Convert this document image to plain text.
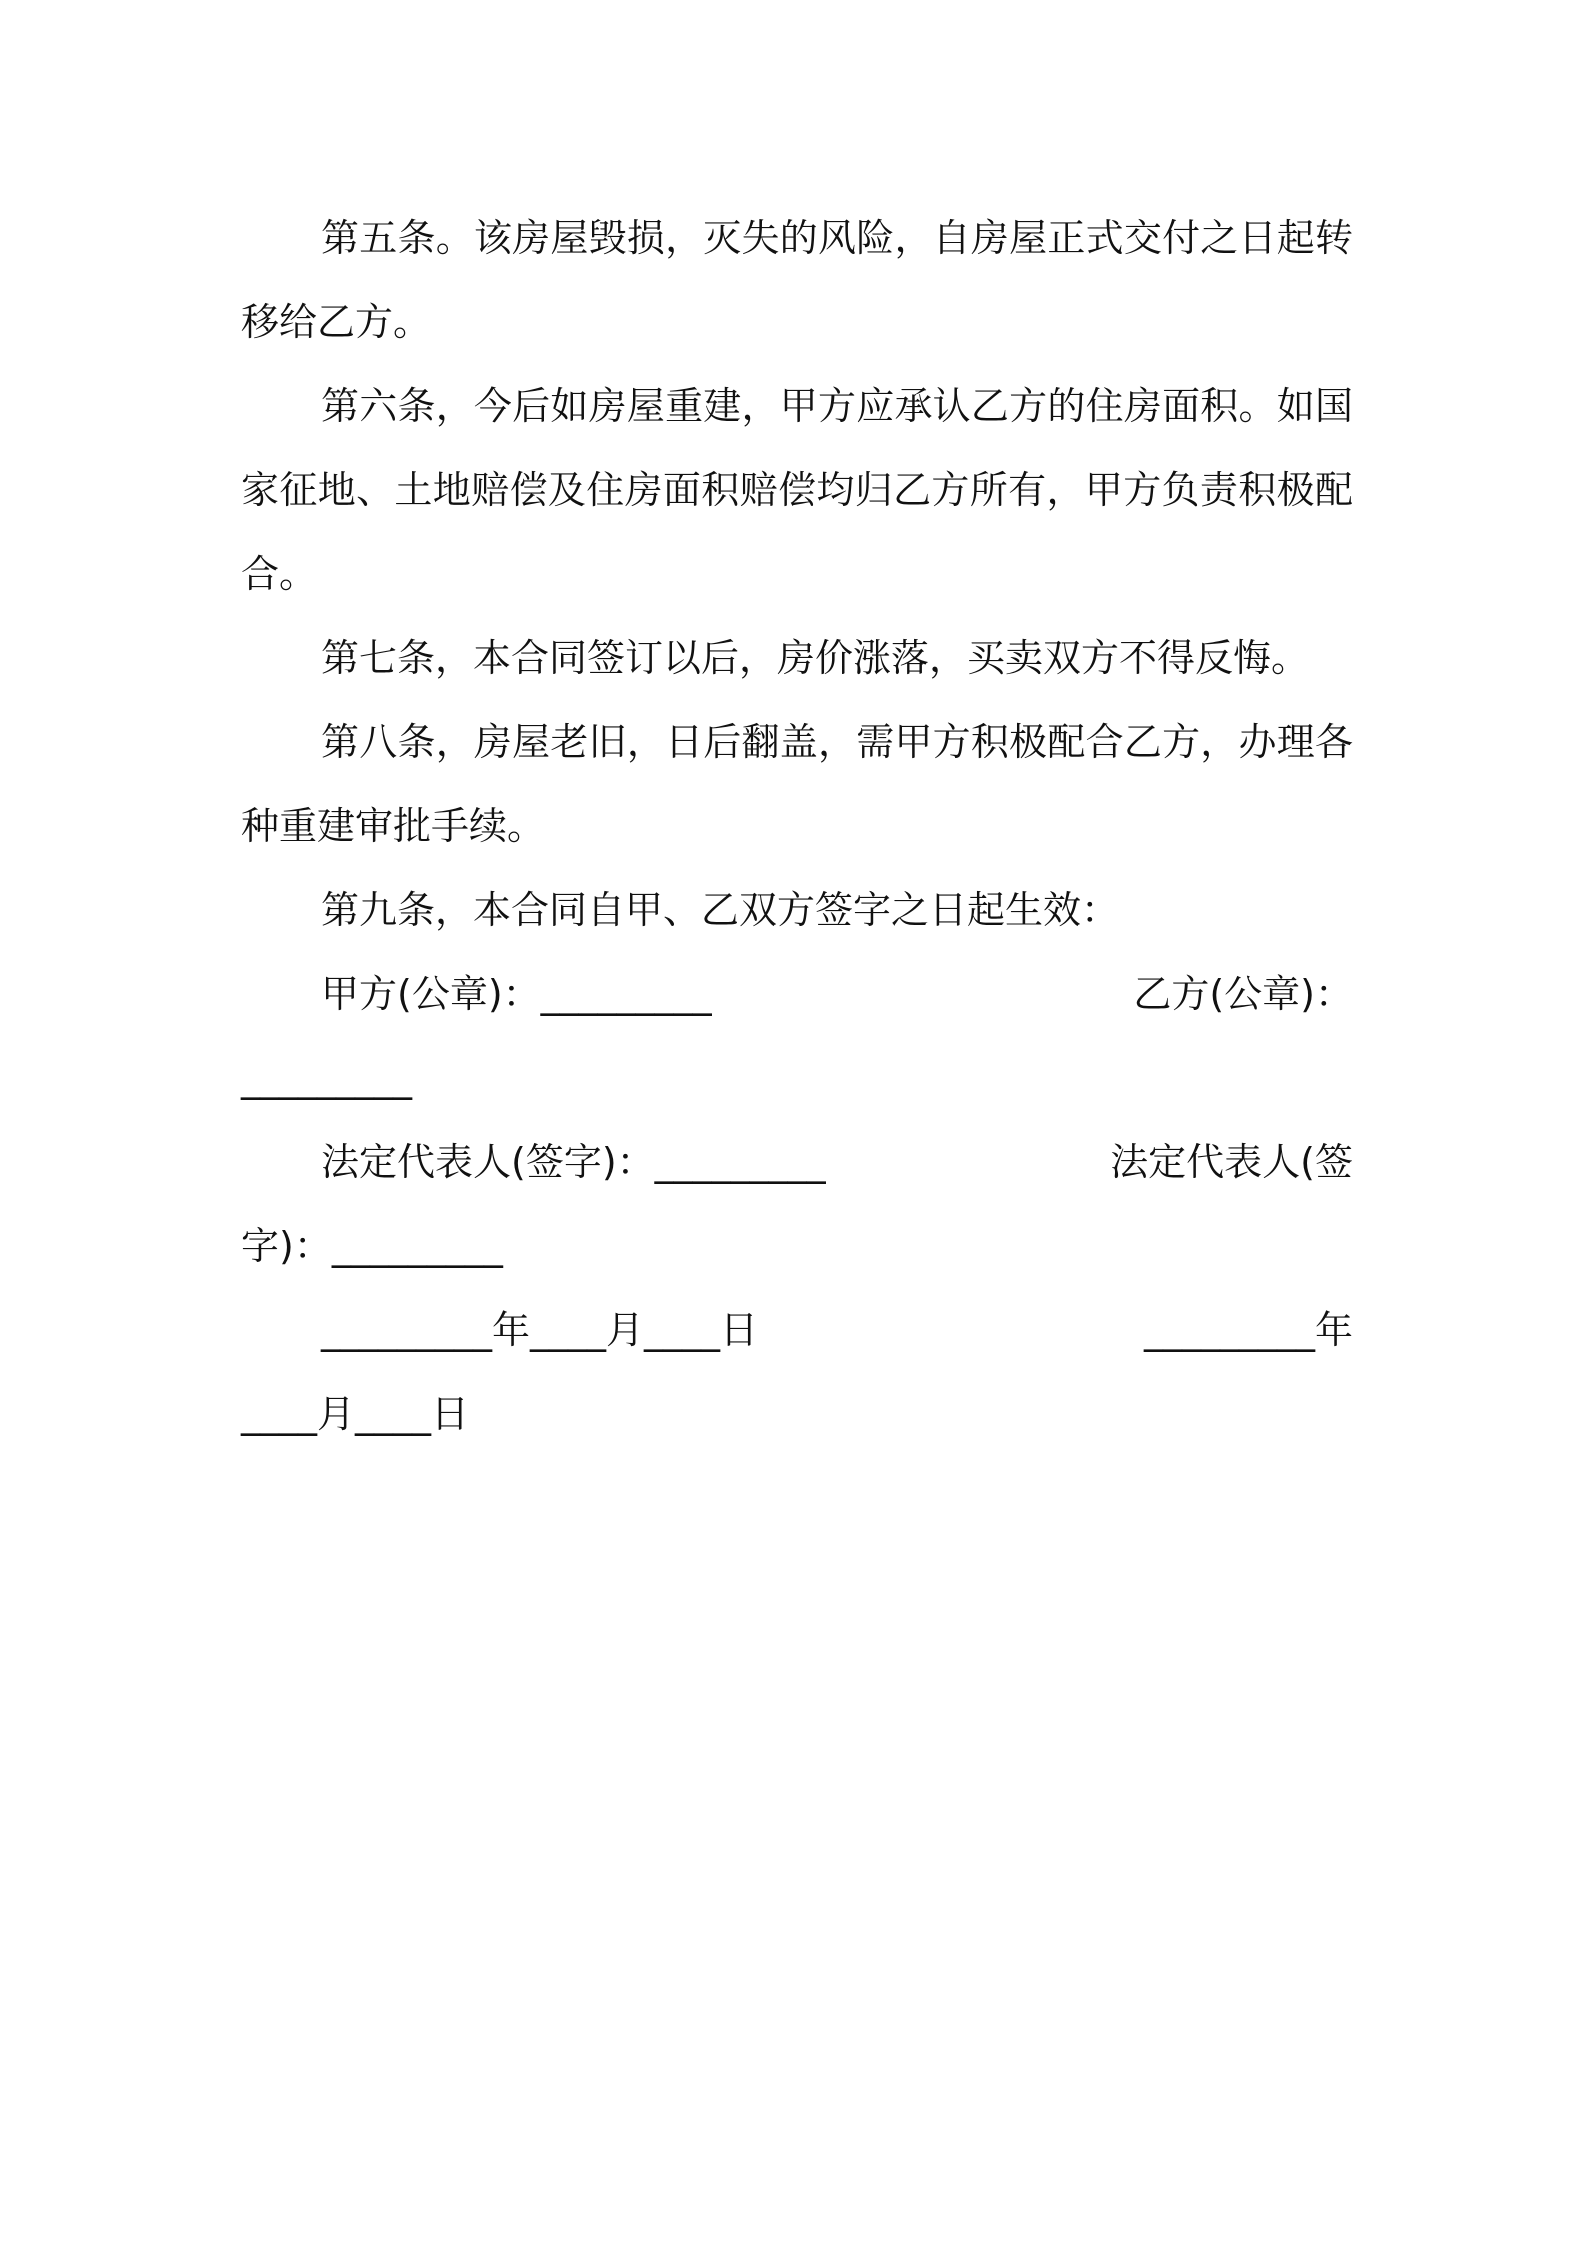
第五条。该房屋毁损，灭失的风险，自房屋正式交付之日起转移给乙方。

第六条，今后如房屋重建，甲方应承认乙方的住房面积。如国家征地、土地赔偿及住房面积赔偿均归乙方所有，甲方负责积极配合。

第七条，本合同签订以后，房价涨落，买卖双方不得反悔。

第八条，房屋老旧，日后翻盖，需甲方积极配合乙方，办理各种重建审批手续。

第九条，本合同自甲、乙双方签字之日起生效：

甲方(公章)：_________	乙方(公章)：
_________
法定代表人(签字)：_________	法定代表人(签
字)：_________
_________年____月____日	_________年
____月____日
